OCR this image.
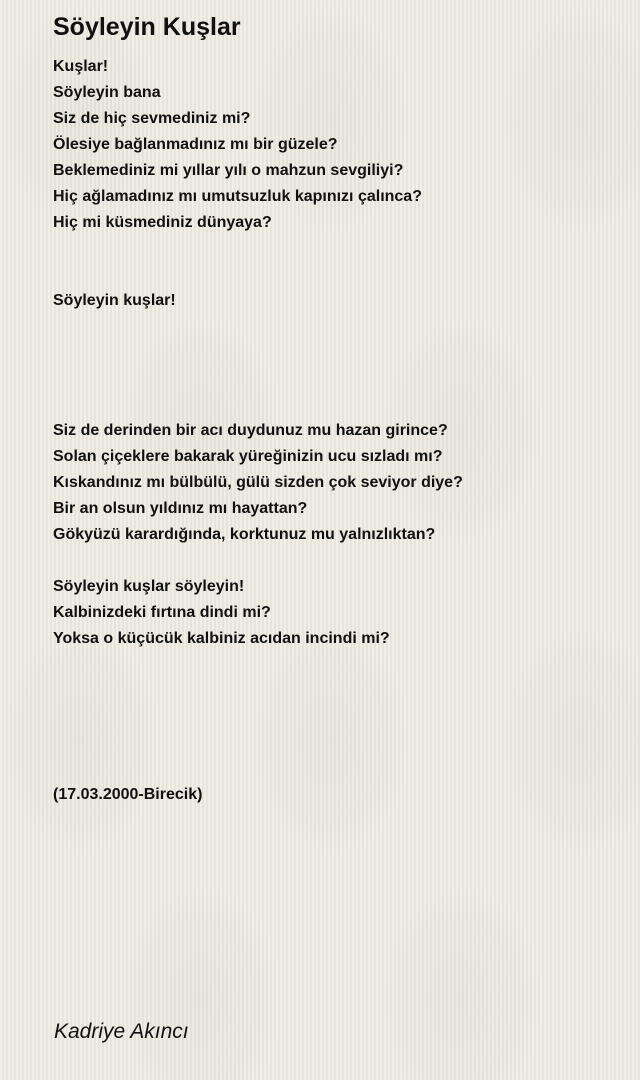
Söyleyin Kuşlar
Kuşlar!
Söyleyin bana
Siz de hiç sevmediniz mi?
Ölesiye bağlanmadınız mı bir güzele?
Beklemediniz mi yıllar yılı o mahzun sevgiliyi?
Hiç ağlamadınız mı umutsuzluk kapınızı çalınca?
Hiç mi küsmediniz dünyaya?
Söyleyin kuşlar!
Siz de derinden bir acı duydunuz mu hazan girince?
Solan çiçeklere bakarak yüreğinizin ucu sızladı mı?
Kıskandınız mı bülbülü, gülü sizden çok seviyor diye?
Bir an olsun yıldınız mı hayattan?
Gökyüzü karardığında, korktunuz mu yalnızlıktan?
Söyleyin kuşlar söyleyin!
Kalbinizdeki fırtına dindi mi?
Yoksa o küçücük kalbiniz acıdan incindi mi?
(17.03.2000-Birecik)
Kadriye Akıncı
